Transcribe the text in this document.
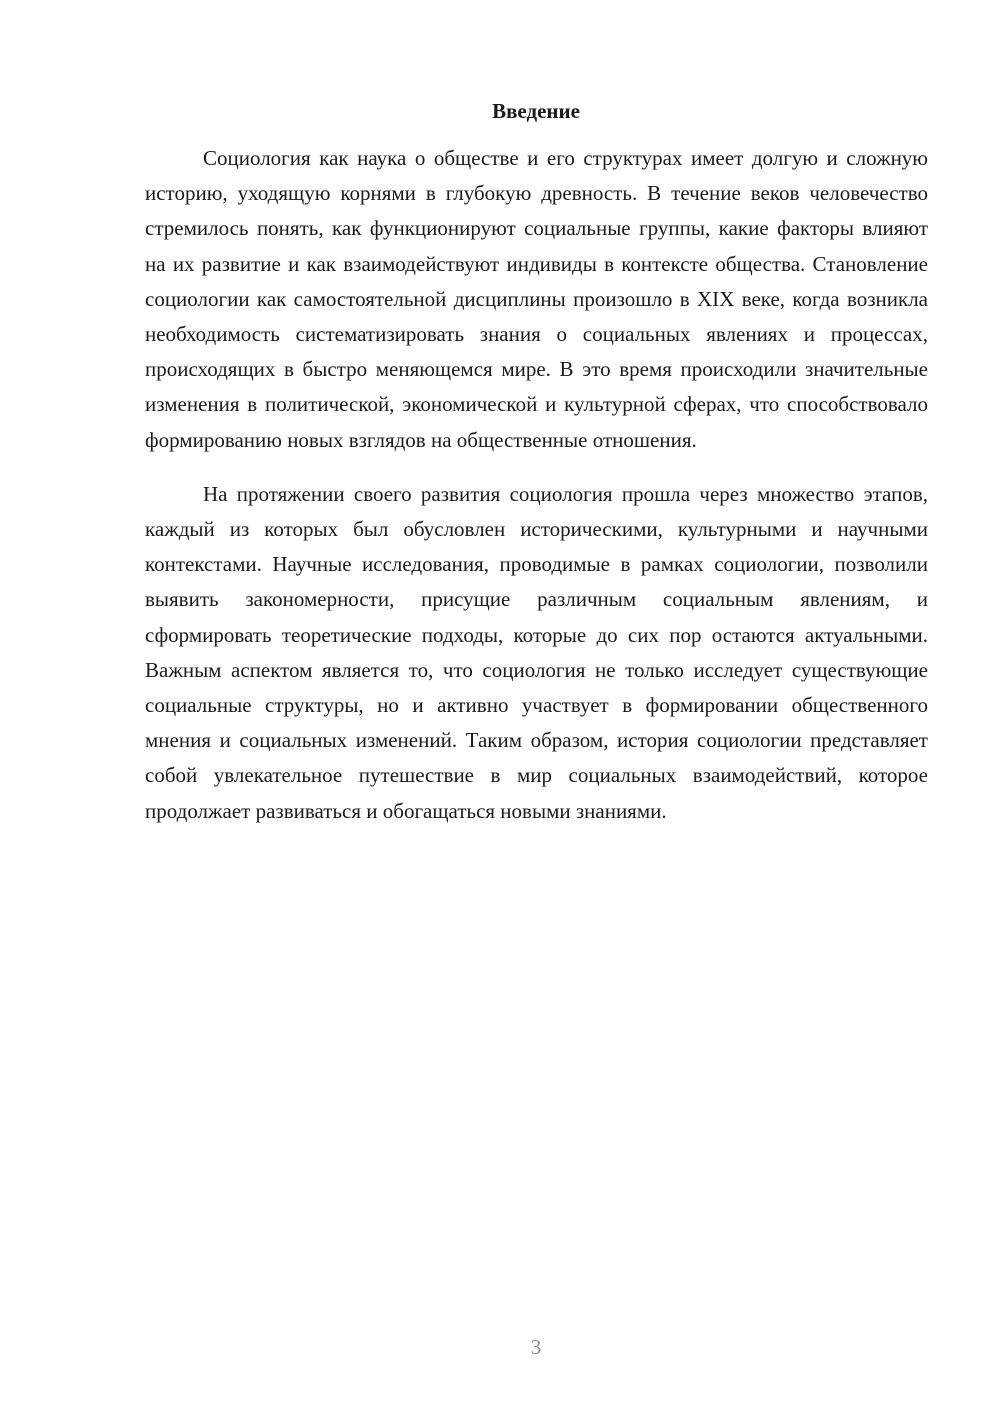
Введение

Социология как наука о обществе и его структурах имеет долгую и сложную историю, уходящую корнями в глубокую древность. В течение веков человечество стремилось понять, как функционируют социальные группы, какие факторы влияют на их развитие и как взаимодействуют индивиды в контексте общества. Становление социологии как самостоятельной дисциплины произошло в XIX веке, когда возникла необходимость систематизировать знания о социальных явлениях и процессах, происходящих в быстро меняющемся мире. В это время происходили значительные изменения в политической, экономической и культурной сферах, что способствовало формированию новых взглядов на общественные отношения.

На протяжении своего развития социология прошла через множество этапов, каждый из которых был обусловлен историческими, культурными и научными контекстами. Научные исследования, проводимые в рамках социологии, позволили выявить закономерности, присущие различным социальным явлениям, и сформировать теоретические подходы, которые до сих пор остаются актуальными. Важным аспектом является то, что социология не только исследует существующие социальные структуры, но и активно участвует в формировании общественного мнения и социальных изменений. Таким образом, история социологии представляет собой увлекательное путешествие в мир социальных взаимодействий, которое продолжает развиваться и обогащаться новыми знаниями.

3
